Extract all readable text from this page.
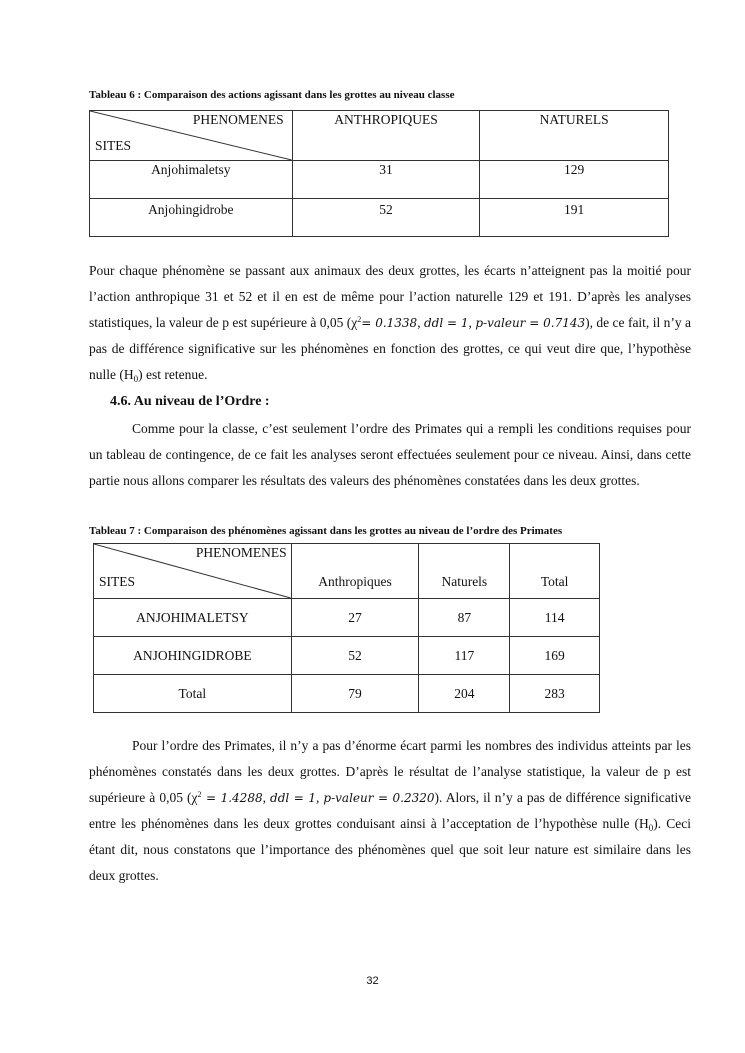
Tableau 6 : Comparaison des actions agissant dans les grottes au niveau classe
PHENOMENES
SITES	ANTHROPIQUES	NATURELS
Anjohimaletsy	31	129
Anjohingidrobe	52	191

Pour chaque phénomène se passant aux animaux des deux grottes, les écarts n’atteignent pas la moitié pour l’action anthropique 31 et 52 et il en est de même pour l’action naturelle 129 et 191. D’après les analyses statistiques, la valeur de p est supérieure à 0,05 ($\chi^2= 0.1338$, ddl = 1, p-valeur = 0.7143), de ce fait, il n’y a pas de différence significative sur les phénomènes en fonction des grottes, ce qui veut dire que, l’hypothèse nulle $(H_0)$ est retenue.

4.6. Au niveau de l’Ordre :

Comme pour la classe, c’est seulement l’ordre des Primates qui a rempli les conditions requises pour un tableau de contingence, de ce fait les analyses seront effectuées seulement pour ce niveau. Ainsi, dans cette partie nous allons comparer les résultats des valeurs des phénomènes constatées dans les deux grottes.

Tableau 7 : Comparaison des phénomènes agissant dans les grottes au niveau de l’ordre des Primates
PHENOMENES
SITES	Anthropiques	Naturels	Total
ANJOHIMALETSY	27	87	114
ANJOHINGIDROBE	52	117	169
Total	79	204	283

Pour l’ordre des Primates, il n’y a pas d’énorme écart parmi les nombres des individus atteints par les phénomènes constatés dans les deux grottes. D’après le résultat de l’analyse statistique, la valeur de p est supérieure à 0,05 ($\chi^2 = 1.4288$, ddl = 1, p-valeur = 0.2320). Alors, il n’y a pas de différence significative entre les phénomènes dans les deux grottes conduisant ainsi à l’acceptation de l’hypothèse nulle $(H_0)$. Ceci étant dit, nous constatons que l’importance des phénomènes quel que soit leur nature est similaire dans les deux grottes.

32
